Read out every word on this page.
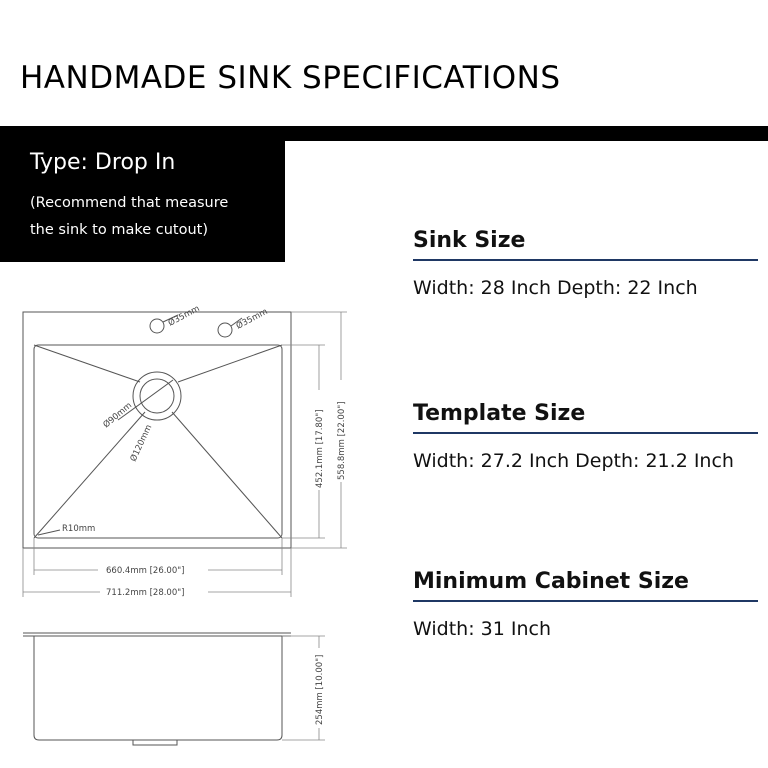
HANDMADE SINK SPECIFICATIONS
Type: Drop In
(Recommend that measure
the sink to make cutout)	Sink Size
Width: 28 Inch Depth: 22 Inch
Template Size
Width: 27.2 Inch Depth: 21.2 Inch
Minimum Cabinet Size
Width: 31 Inch
Ø35mm	Ø35mm
Ø90mm
Ø120mm
R10mm
660.4mm [26.00"]
711.2mm [28.00"]
452.1mm [17.80"] 558.8mm [22.00"]
254mm [10.00"]
